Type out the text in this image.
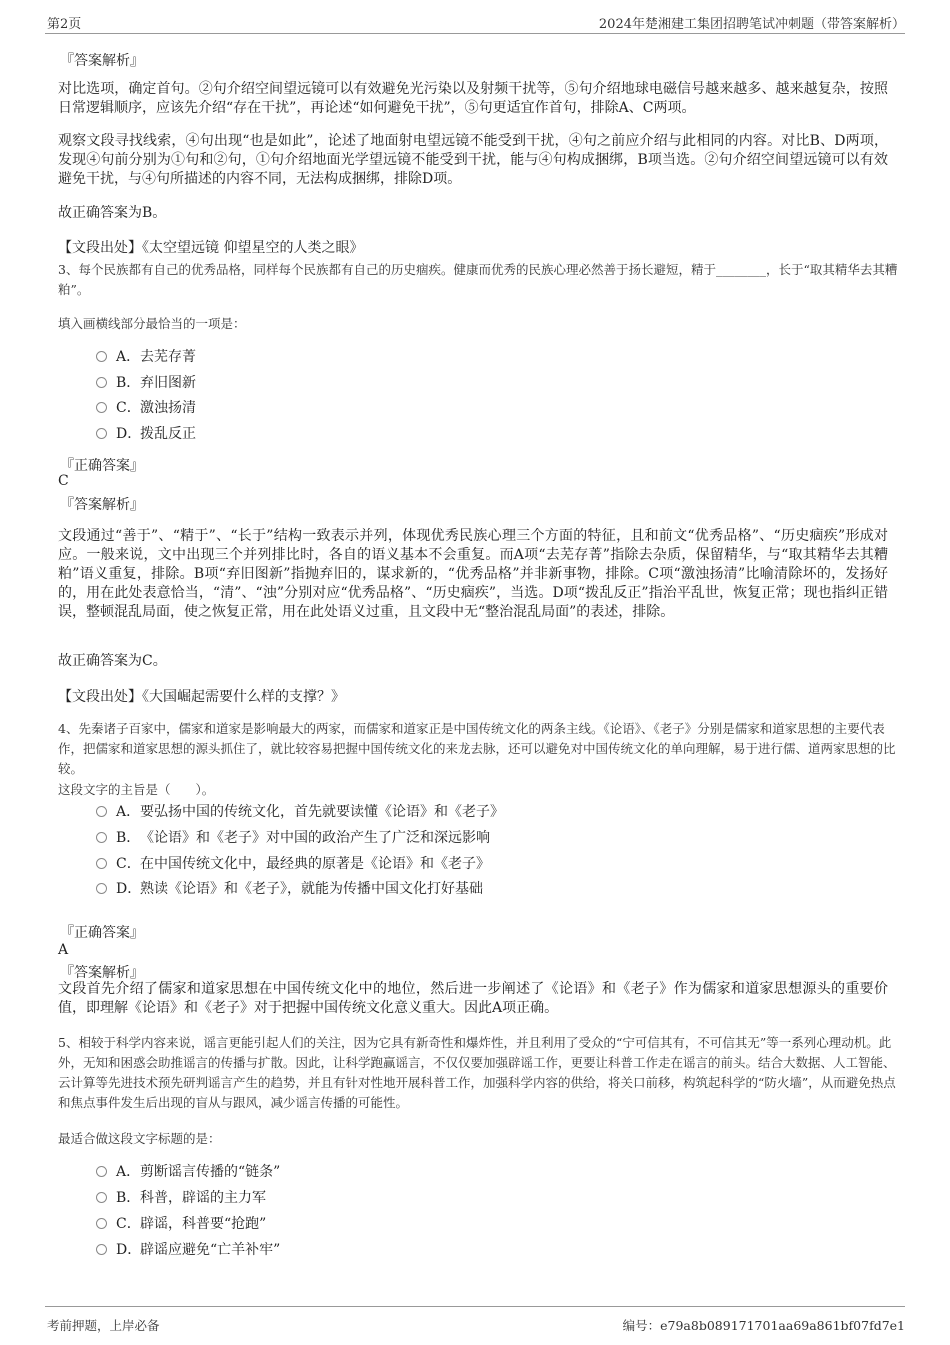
第2页	2024年楚湘建工集团招聘笔试冲刺题（带答案解析）
『答案解析』
对比选项，确定首句。②句介绍空间望远镜可以有效避免光污染以及射频干扰等，⑤句介绍地球电磁信号越来越多、越来越复杂，按照日常逻辑顺序，应该先介绍“存在干扰”，再论述“如何避免干扰”，⑤句更适宜作首句，排除A、C两项。
观察文段寻找线索，④句出现“也是如此”，论述了地面射电望远镜不能受到干扰，④句之前应介绍与此相同的内容。对比B、D两项，发现④句前分别为①句和②句，①句介绍地面光学望远镜不能受到干扰，能与④句构成捆绑，B项当选。②句介绍空间望远镜可以有效避免干扰，与④句所描述的内容不同，无法构成捆绑，排除D项。
故正确答案为B。
【文段出处】《太空望远镜 仰望星空的人类之眼》
3、每个民族都有自己的优秀品格，同样每个民族都有自己的历史痼疾。健康而优秀的民族心理必然善于扬长避短，精于________，长于“取其精华去其糟粕”。
填入画横线部分最恰当的一项是：
A．去芜存菁
B．弃旧图新
C．激浊扬清
D．拨乱反正
『正确答案』
C
『答案解析』
文段通过“善于”、“精于”、“长于”结构一致表示并列，体现优秀民族心理三个方面的特征，且和前文“优秀品格”、“历史痼疾”形成对应。一般来说，文中出现三个并列排比时，各自的语义基本不会重复。而A项“去芜存菁”指除去杂质，保留精华，与“取其精华去其糟粕”语义重复，排除。B项“弃旧图新”指抛弃旧的，谋求新的，“优秀品格”并非新事物，排除。C项“激浊扬清”比喻清除坏的，发扬好的，用在此处表意恰当，“清”、“浊”分别对应“优秀品格”、“历史痼疾”，当选。D项“拨乱反正”指治平乱世，恢复正常；现也指纠正错误，整顿混乱局面，使之恢复正常，用在此处语义过重，且文段中无“整治混乱局面”的表述，排除。
故正确答案为C。
【文段出处】《大国崛起需要什么样的支撑？》
4、先秦诸子百家中，儒家和道家是影响最大的两家，而儒家和道家正是中国传统文化的两条主线。《论语》、《老子》分别是儒家和道家思想的主要代表作，把儒家和道家思想的源头抓住了，就比较容易把握中国传统文化的来龙去脉，还可以避免对中国传统文化的单向理解，易于进行儒、道两家思想的比较。
这段文字的主旨是（　　）。
A．要弘扬中国的传统文化，首先就要读懂《论语》和《老子》
B．《论语》和《老子》对中国的政治产生了广泛和深远影响
C．在中国传统文化中，最经典的原著是《论语》和《老子》
D．熟读《论语》和《老子》，就能为传播中国文化打好基础
『正确答案』
A
『答案解析』
文段首先介绍了儒家和道家思想在中国传统文化中的地位，然后进一步阐述了《论语》和《老子》作为儒家和道家思想源头的重要价值，即理解《论语》和《老子》对于把握中国传统文化意义重大。因此A项正确。
5、相较于科学内容来说，谣言更能引起人们的关注，因为它具有新奇性和爆炸性，并且利用了受众的“宁可信其有，不可信其无”等一系列心理动机。此外，无知和困惑会助推谣言的传播与扩散。因此，让科学跑赢谣言，不仅仅要加强辟谣工作，更要让科普工作走在谣言的前头。结合大数据、人工智能、云计算等先进技术预先研判谣言产生的趋势，并且有针对性地开展科普工作，加强科学内容的供给，将关口前移，构筑起科学的“防火墙”，从而避免热点和焦点事件发生后出现的盲从与跟风，减少谣言传播的可能性。
最适合做这段文字标题的是：
A．剪断谣言传播的“链条”
B．科普，辟谣的主力军
C．辟谣，科普要“抢跑”
D．辟谣应避免“亡羊补牢”
考前押题，上岸必备	编号：e79a8b089171701aa69a861bf07fd7e1
